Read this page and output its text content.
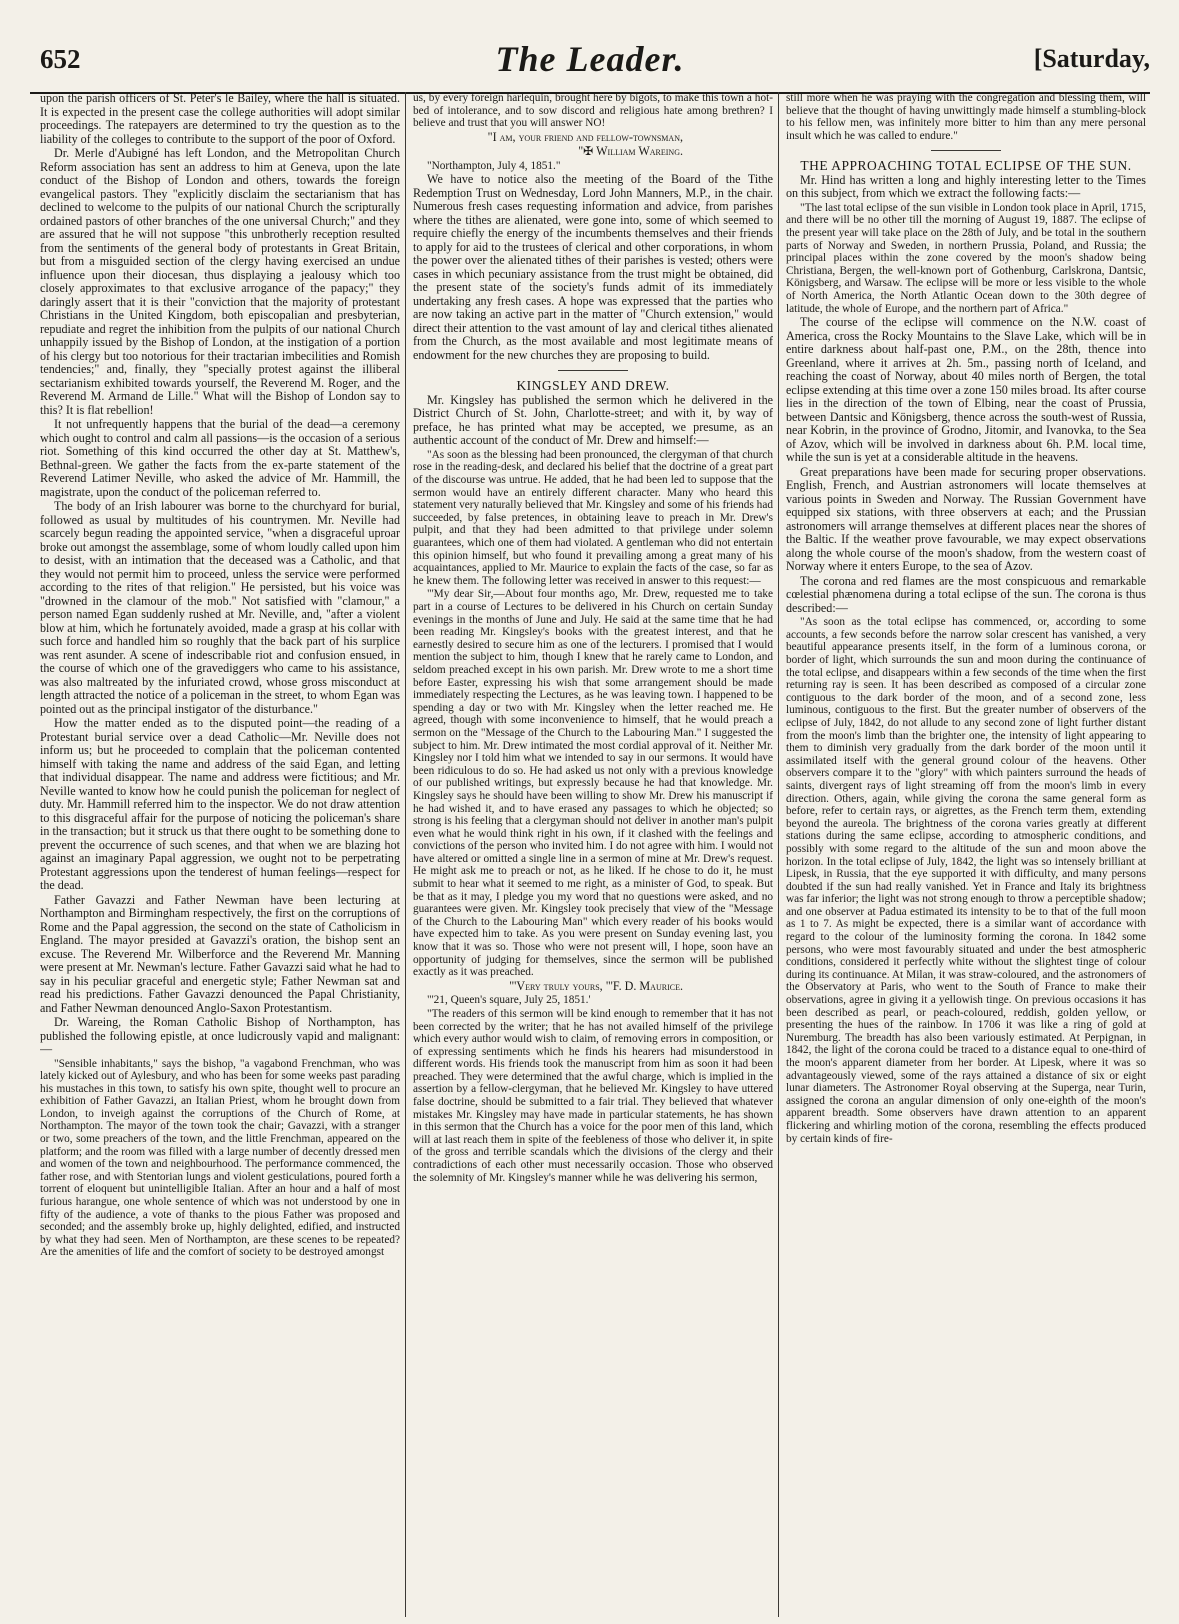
652	The Leader.	[Saturday,

upon the parish officers of St. Peter's le Bailey, where the hall is situated. It is expected in the present case the college authorities will adopt similar proceedings. The ratepayers are determined to try the question as to the liability of the colleges to contribute to the support of the poor of Oxford.

Dr. Merle d'Aubigné has left London, and the Metropolitan Church Reform association has sent an address to him at Geneva, upon the late conduct of the Bishop of London and others, towards the foreign evangelical pastors. They "explicitly disclaim the sectarianism that has declined to welcome to the pulpits of our national Church the scripturally ordained pastors of other branches of the one universal Church;" and they are assured that he will not suppose "this unbrotherly reception resulted from the sentiments of the general body of protestants in Great Britain, but from a misguided section of the clergy having exercised an undue influence upon their diocesan, thus displaying a jealousy which too closely approximates to that exclusive arrogance of the papacy;" they daringly assert that it is their "conviction that the majority of protestant Christians in the United Kingdom, both episcopalian and presbyterian, repudiate and regret the inhibition from the pulpits of our national Church unhappily issued by the Bishop of London, at the instigation of a portion of his clergy but too notorious for their tractarian imbecilities and Romish tendencies;" and, finally, they "specially protest against the illiberal sectarianism exhibited towards yourself, the Reverend M. Roger, and the Reverend M. Armand de Lille." What will the Bishop of London say to this? It is flat rebellion!

It not unfrequently happens that the burial of the dead—a ceremony which ought to control and calm all passions—is the occasion of a serious riot. Something of this kind occurred the other day at St. Matthew's, Bethnal-green. We gather the facts from the ex-parte statement of the Reverend Latimer Neville, who asked the advice of Mr. Hammill, the magistrate, upon the conduct of the policeman referred to.

The body of an Irish labourer was borne to the churchyard for burial, followed as usual by multitudes of his countrymen. Mr. Neville had scarcely begun reading the appointed service, "when a disgraceful uproar broke out amongst the assemblage, some of whom loudly called upon him to desist, with an intimation that the deceased was a Catholic, and that they would not permit him to proceed, unless the service were performed according to the rites of that religion." He persisted, but his voice was "drowned in the clamour of the mob." Not satisfied with "clamour," a person named Egan suddenly rushed at Mr. Neville, and, "after a violent blow at him, which he fortunately avoided, made a grasp at his collar with such force and handled him so roughly that the back part of his surplice was rent asunder. A scene of indescribable riot and confusion ensued, in the course of which one of the gravediggers who came to his assistance, was also maltreated by the infuriated crowd, whose gross misconduct at length attracted the notice of a policeman in the street, to whom Egan was pointed out as the principal instigator of the disturbance."

How the matter ended as to the disputed point—the reading of a Protestant burial service over a dead Catholic—Mr. Neville does not inform us; but he proceeded to complain that the policeman contented himself with taking the name and address of the said Egan, and letting that individual disappear. The name and address were fictitious; and Mr. Neville wanted to know how he could punish the policeman for neglect of duty. Mr. Hammill referred him to the inspector. We do not draw attention to this disgraceful affair for the purpose of noticing the policeman's share in the transaction; but it struck us that there ought to be something done to prevent the occurrence of such scenes, and that when we are blazing hot against an imaginary Papal aggression, we ought not to be perpetrating Protestant aggressions upon the tenderest of human feelings—respect for the dead.

Father Gavazzi and Father Newman have been lecturing at Northampton and Birmingham respectively, the first on the corruptions of Rome and the Papal aggression, the second on the state of Catholicism in England. The mayor presided at Gavazzi's oration, the bishop sent an excuse. The Reverend Mr. Wilberforce and the Reverend Mr. Manning were present at Mr. Newman's lecture. Father Gavazzi said what he had to say in his peculiar graceful and energetic style; Father Newman sat and read his predictions. Father Gavazzi denounced the Papal Christianity, and Father Newman denounced Anglo-Saxon Protestantism.

Dr. Wareing, the Roman Catholic Bishop of Northampton, has published the following epistle, at once ludicrously vapid and malignant:—

"Sensible inhabitants," says the bishop, "a vagabond Frenchman, who was lately kicked out of Aylesbury, and who has been for some weeks past parading his mustaches in this town, to satisfy his own spite, thought well to procure an exhibition of Father Gavazzi, an Italian Priest, whom he brought down from London, to inveigh against the corruptions of the Church of Rome, at Northampton. The mayor of the town took the chair; Gavazzi, with a stranger or two, some preachers of the town, and the little Frenchman, appeared on the platform; and the room was filled with a large number of decently dressed men and women of the town and neighbourhood. The performance commenced, the father rose, and with Stentorian lungs and violent gesticulations, poured forth a torrent of eloquent but unintelligible Italian. After an hour and a half of most furious harangue, one whole sentence of which was not understood by one in fifty of the audience, a vote of thanks to the pious Father was proposed and seconded; and the assembly broke up, highly delighted, edified, and instructed by what they had seen. Men of Northampton, are these scenes to be repeated? Are the amenities of life and the comfort of society to be destroyed amongst

us, by every foreign harlequin, brought here by bigots, to make this town a hot-bed of intolerance, and to sow discord and religious hate among brethren? I believe and trust that you will answer NO!

"I am, your friend and fellow-townsman,

"✠ William Wareing.

"Northampton, July 4, 1851."

We have to notice also the meeting of the Board of the Tithe Redemption Trust on Wednesday, Lord John Manners, M.P., in the chair. Numerous fresh cases requesting information and advice, from parishes where the tithes are alienated, were gone into, some of which seemed to require chiefly the energy of the incumbents themselves and their friends to apply for aid to the trustees of clerical and other corporations, in whom the power over the alienated tithes of their parishes is vested; others were cases in which pecuniary assistance from the trust might be obtained, did the present state of the society's funds admit of its immediately undertaking any fresh cases. A hope was expressed that the parties who are now taking an active part in the matter of "Church extension," would direct their attention to the vast amount of lay and clerical tithes alienated from the Church, as the most available and most legitimate means of endowment for the new churches they are proposing to build.

KINGSLEY AND DREW.

Mr. Kingsley has published the sermon which he delivered in the District Church of St. John, Charlotte-street; and with it, by way of preface, he has printed what may be accepted, we presume, as an authentic account of the conduct of Mr. Drew and himself:—

"As soon as the blessing had been pronounced, the clergyman of that church rose in the reading-desk, and declared his belief that the doctrine of a great part of the discourse was untrue. He added, that he had been led to suppose that the sermon would have an entirely different character. Many who heard this statement very naturally believed that Mr. Kingsley and some of his friends had succeeded, by false pretences, in obtaining leave to preach in Mr. Drew's pulpit, and that they had been admitted to that privilege under solemn guarantees, which one of them had violated. A gentleman who did not entertain this opinion himself, but who found it prevailing among a great many of his acquaintances, applied to Mr. Maurice to explain the facts of the case, so far as he knew them. The following letter was received in answer to this request:—

"'My dear Sir,—About four months ago, Mr. Drew, requested me to take part in a course of Lectures to be delivered in his Church on certain Sunday evenings in the months of June and July. He said at the same time that he had been reading Mr. Kingsley's books with the greatest interest, and that he earnestly desired to secure him as one of the lecturers. I promised that I would mention the subject to him, though I knew that he rarely came to London, and seldom preached except in his own parish. Mr. Drew wrote to me a short time before Easter, expressing his wish that some arrangement should be made immediately respecting the Lectures, as he was leaving town. I happened to be spending a day or two with Mr. Kingsley when the letter reached me. He agreed, though with some inconvenience to himself, that he would preach a sermon on the "Message of the Church to the Labouring Man." I suggested the subject to him. Mr. Drew intimated the most cordial approval of it. Neither Mr. Kingsley nor I told him what we intended to say in our sermons. It would have been ridiculous to do so. He had asked us not only with a previous knowledge of our published writings, but expressly because he had that knowledge. Mr. Kingsley says he should have been willing to show Mr. Drew his manuscript if he had wished it, and to have erased any passages to which he objected; so strong is his feeling that a clergyman should not deliver in another man's pulpit even what he would think right in his own, if it clashed with the feelings and convictions of the person who invited him. I do not agree with him. I would not have altered or omitted a single line in a sermon of mine at Mr. Drew's request. He might ask me to preach or not, as he liked. If he chose to do it, he must submit to hear what it seemed to me right, as a minister of God, to speak. But be that as it may, I pledge you my word that no questions were asked, and no guarantees were given. Mr. Kingsley took precisely that view of the "Message of the Church to the Labouring Man" which every reader of his books would have expected him to take. As you were present on Sunday evening last, you know that it was so. Those who were not present will, I hope, soon have an opportunity of judging for themselves, since the sermon will be published exactly as it was preached.

"'Very truly yours, "'F. D. Maurice.

"'21, Queen's square, July 25, 1851.'

"The readers of this sermon will be kind enough to remember that it has not been corrected by the writer; that he has not availed himself of the privilege which every author would wish to claim, of removing errors in composition, or of expressing sentiments which he finds his hearers had misunderstood in different words. His friends took the manuscript from him as soon it had been preached. They were determined that the awful charge, which is implied in the assertion by a fellow-clergyman, that he believed Mr. Kingsley to have uttered false doctrine, should be submitted to a fair trial. They believed that whatever mistakes Mr. Kingsley may have made in particular statements, he has shown in this sermon that the Church has a voice for the poor men of this land, which will at last reach them in spite of the feebleness of those who deliver it, in spite of the gross and terrible scandals which the divisions of the clergy and their contradictions of each other must necessarily occasion. Those who observed the solemnity of Mr. Kingsley's manner while he was delivering his sermon,

still more when he was praying with the congregation and blessing them, will believe that the thought of having unwittingly made himself a stumbling-block to his fellow men, was infinitely more bitter to him than any mere personal insult which he was called to endure."

THE APPROACHING TOTAL ECLIPSE OF THE SUN.

Mr. Hind has written a long and highly interesting letter to the Times on this subject, from which we extract the following facts:—

"The last total eclipse of the sun visible in London took place in April, 1715, and there will be no other till the morning of August 19, 1887. The eclipse of the present year will take place on the 28th of July, and be total in the southern parts of Norway and Sweden, in northern Prussia, Poland, and Russia; the principal places within the zone covered by the moon's shadow being Christiana, Bergen, the well-known port of Gothenburg, Carlskrona, Dantsic, Königsberg, and Warsaw. The eclipse will be more or less visible to the whole of North America, the North Atlantic Ocean down to the 30th degree of latitude, the whole of Europe, and the northern part of Africa."

The course of the eclipse will commence on the N.W. coast of America, cross the Rocky Mountains to the Slave Lake, which will be in entire darkness about half-past one, P.M., on the 28th, thence into Greenland, where it arrives at 2h. 5m., passing north of Iceland, and reaching the coast of Norway, about 40 miles north of Bergen, the total eclipse extending at this time over a zone 150 miles broad. Its after course lies in the direction of the town of Elbing, near the coast of Prussia, between Dantsic and Königsberg, thence across the south-west of Russia, near Kobrin, in the province of Grodno, Jitomir, and Ivanovka, to the Sea of Azov, which will be involved in darkness about 6h. P.M. local time, while the sun is yet at a considerable altitude in the heavens.

Great preparations have been made for securing proper observations. English, French, and Austrian astronomers will locate themselves at various points in Sweden and Norway. The Russian Government have equipped six stations, with three observers at each; and the Prussian astronomers will arrange themselves at different places near the shores of the Baltic. If the weather prove favourable, we may expect observations along the whole course of the moon's shadow, from the western coast of Norway where it enters Europe, to the sea of Azov.

The corona and red flames are the most conspicuous and remarkable cœlestial phænomena during a total eclipse of the sun. The corona is thus described:—

"As soon as the total eclipse has commenced, or, according to some accounts, a few seconds before the narrow solar crescent has vanished, a very beautiful appearance presents itself, in the form of a luminous corona, or border of light, which surrounds the sun and moon during the continuance of the total eclipse, and disappears within a few seconds of the time when the first returning ray is seen. It has been described as composed of a circular zone contiguous to the dark border of the moon, and of a second zone, less luminous, contiguous to the first. But the greater number of observers of the eclipse of July, 1842, do not allude to any second zone of light further distant from the moon's limb than the brighter one, the intensity of light appearing to them to diminish very gradually from the dark border of the moon until it assimilated itself with the general ground colour of the heavens. Other observers compare it to the "glory" with which painters surround the heads of saints, divergent rays of light streaming off from the moon's limb in every direction. Others, again, while giving the corona the same general form as before, refer to certain rays, or aigrettes, as the French term them, extending beyond the aureola. The brightness of the corona varies greatly at different stations during the same eclipse, according to atmospheric conditions, and possibly with some regard to the altitude of the sun and moon above the horizon. In the total eclipse of July, 1842, the light was so intensely brilliant at Lipesk, in Russia, that the eye supported it with difficulty, and many persons doubted if the sun had really vanished. Yet in France and Italy its brightness was far inferior; the light was not strong enough to throw a perceptible shadow; and one observer at Padua estimated its intensity to be to that of the full moon as 1 to 7. As might be expected, there is a similar want of accordance with regard to the colour of the luminosity forming the corona. In 1842 some persons, who were most favourably situated and under the best atmospheric conditions, considered it perfectly white without the slightest tinge of colour during its continuance. At Milan, it was straw-coloured, and the astronomers of the Observatory at Paris, who went to the South of France to make their observations, agree in giving it a yellowish tinge. On previous occasions it has been described as pearl, or peach-coloured, reddish, golden yellow, or presenting the hues of the rainbow. In 1706 it was like a ring of gold at Nuremburg. The breadth has also been variously estimated. At Perpignan, in 1842, the light of the corona could be traced to a distance equal to one-third of the moon's apparent diameter from her border. At Lipesk, where it was so advantageously viewed, some of the rays attained a distance of six or eight lunar diameters. The Astronomer Royal observing at the Superga, near Turin, assigned the corona an angular dimension of only one-eighth of the moon's apparent breadth. Some observers have drawn attention to an apparent flickering and whirling motion of the corona, resembling the effects produced by certain kinds of fire-
